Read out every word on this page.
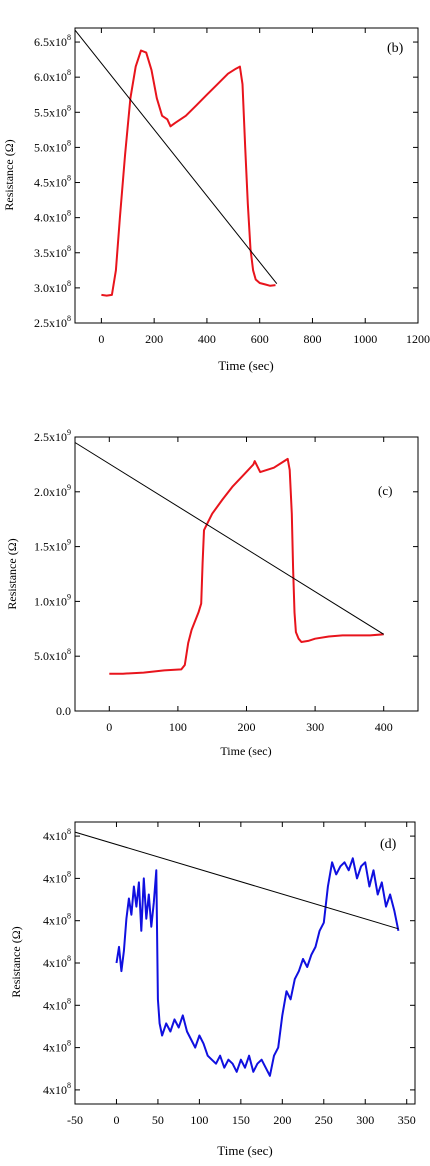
0	200	400	600	800	1000 1200
$2.5x10^8$
$3.0x10^8$
$3.5x10^8$
$4.0x10^8$
$4.5x10^8$
$5.0x10^8$
$5.5x10^8$
$6.0x10^8$
$6.5x10^8$
(b)
Time (sec)
Resistance (Ω)
0	100	200	300	400
0.0
$5.0x10^8$
$1.0x10^9$
$1.5x10^9$
$2.0x10^9$
$2.5x10^9$
(c)
Time (sec)
Resistance (Ω)
-50	0	50 100 150 200 250 300 350
$4x10^8$
$4x10^8$
$4x10^8$
$4x10^8$
$4x10^8$
$4x10^8$
$4x10^8$
(d)
Time (sec)
Resistance (Ω)
